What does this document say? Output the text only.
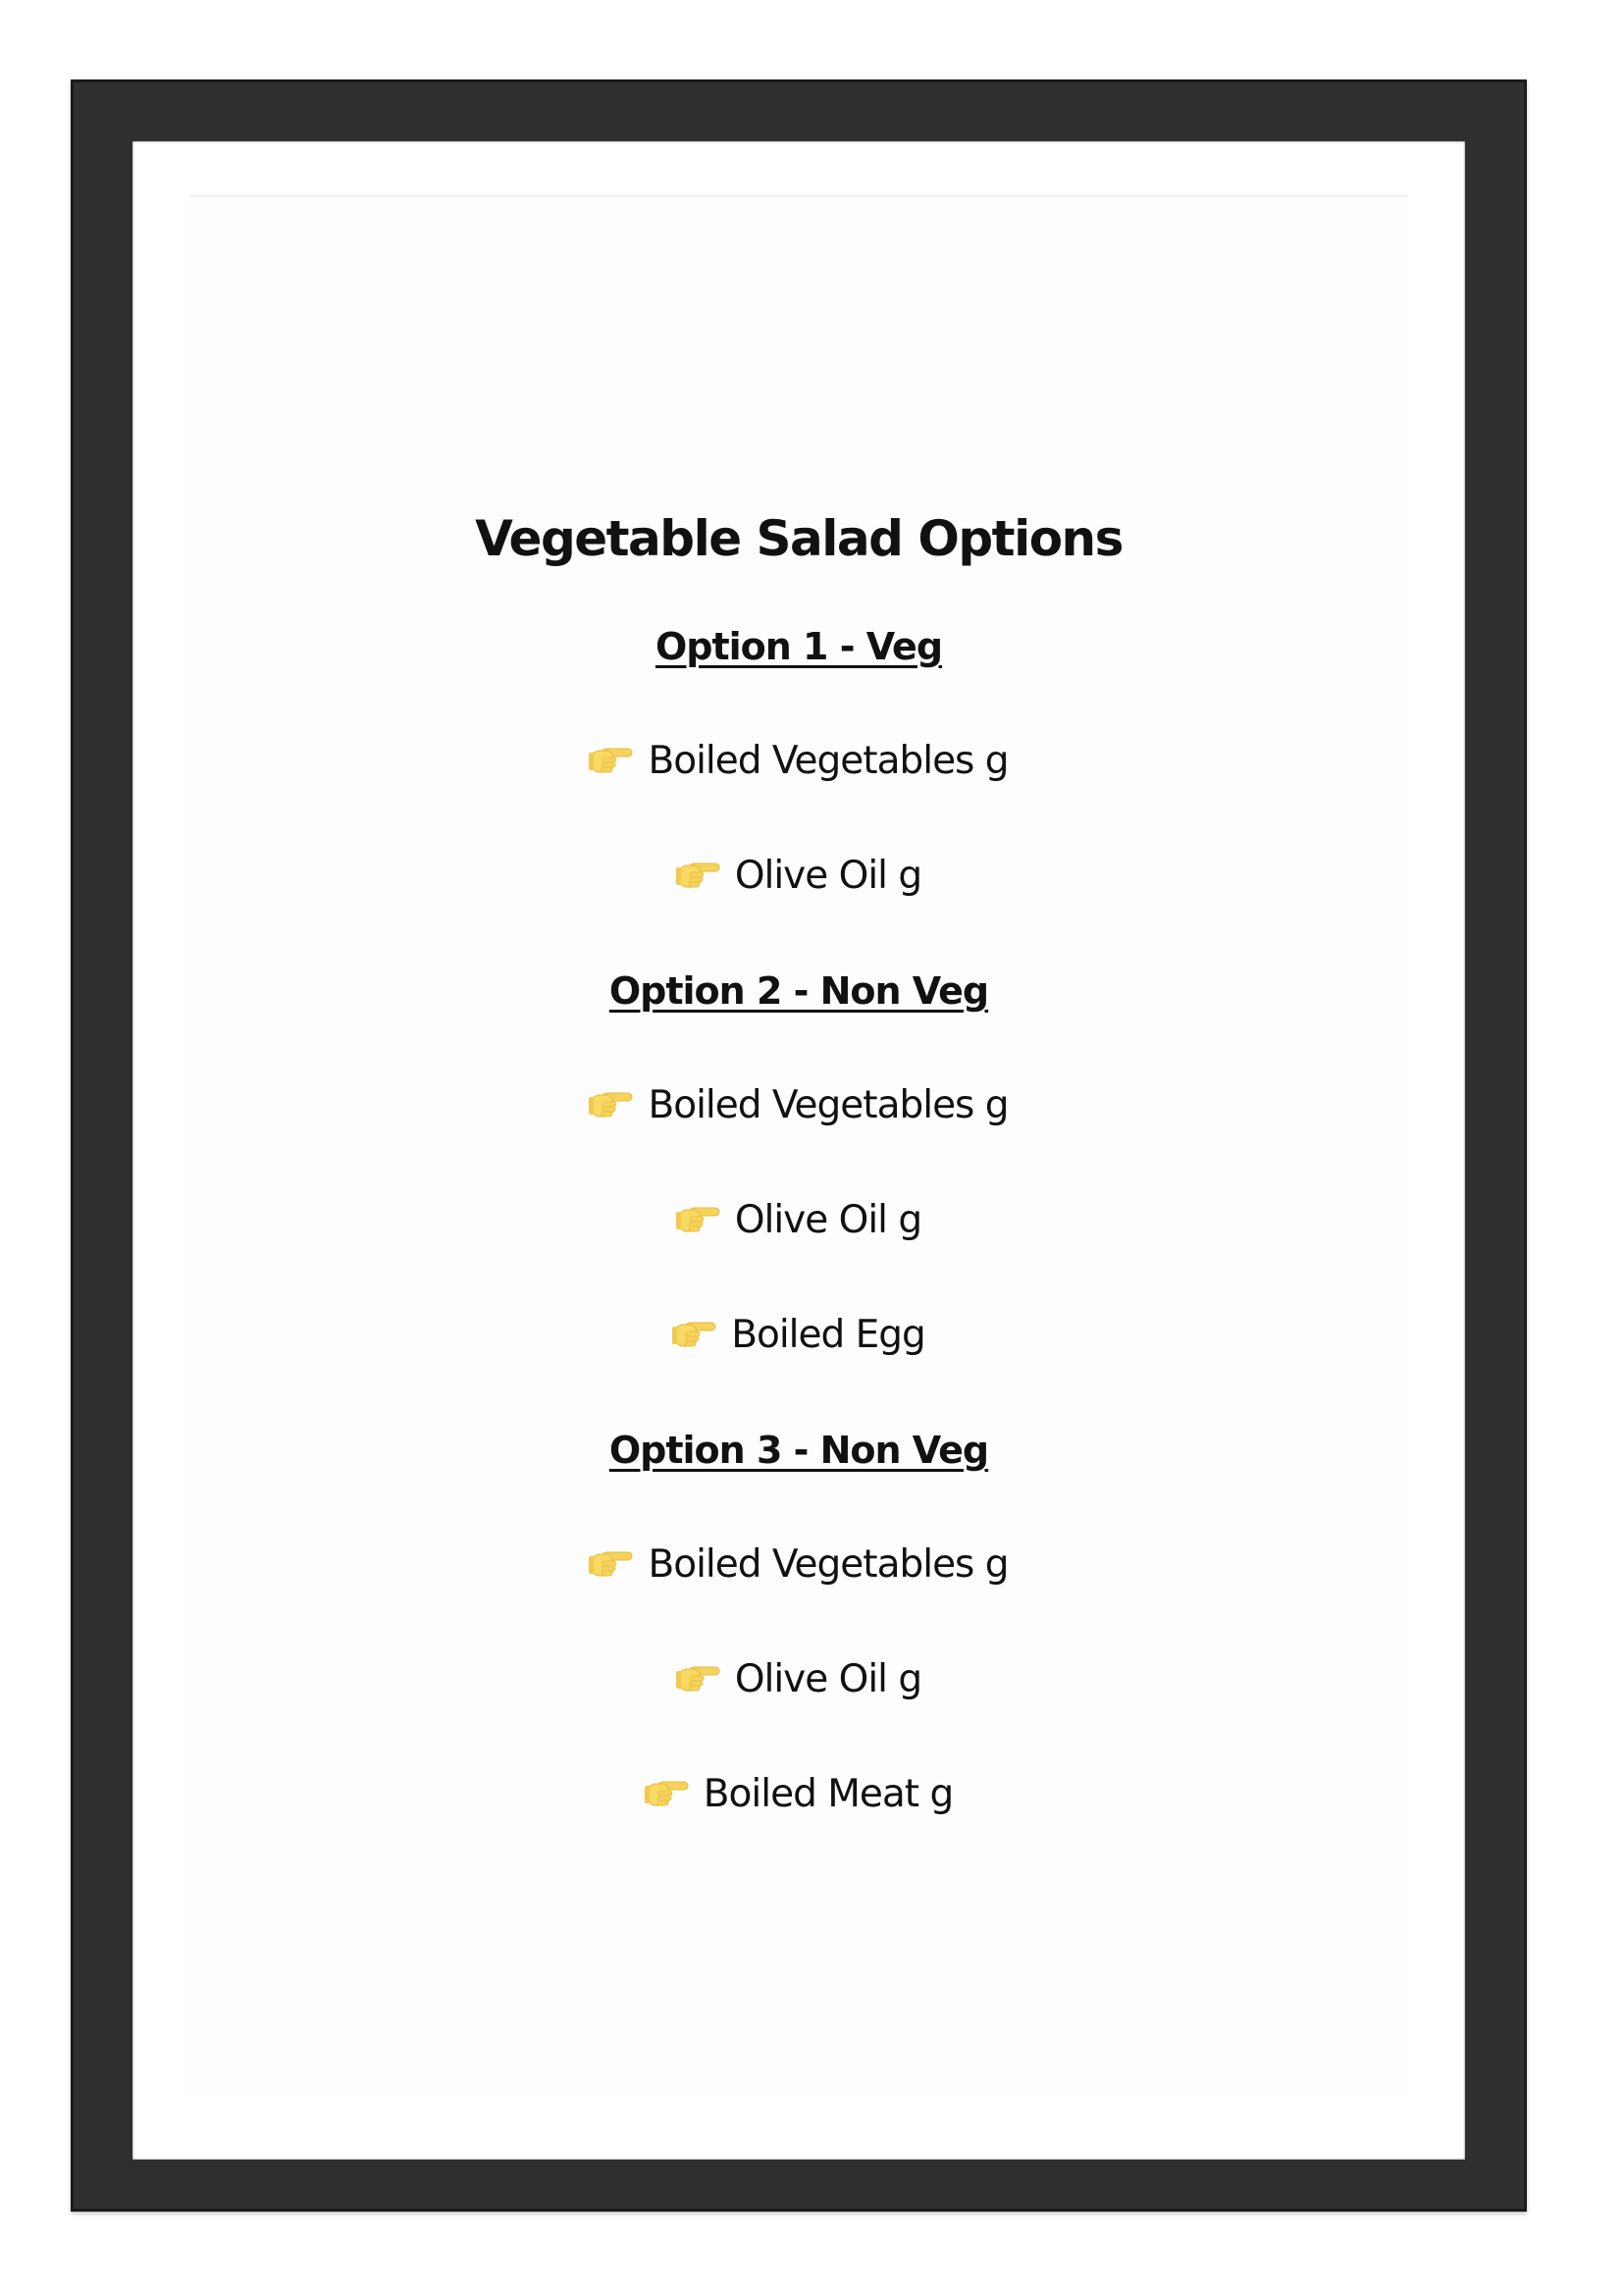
Vegetable Salad Options
Option 1 - Veg
Boiled Vegetables g
Olive Oil g
Option 2 - Non Veg
Boiled Vegetables g
Olive Oil g
Boiled Egg
Option 3 - Non Veg
Boiled Vegetables g
Olive Oil g
Boiled Meat g
